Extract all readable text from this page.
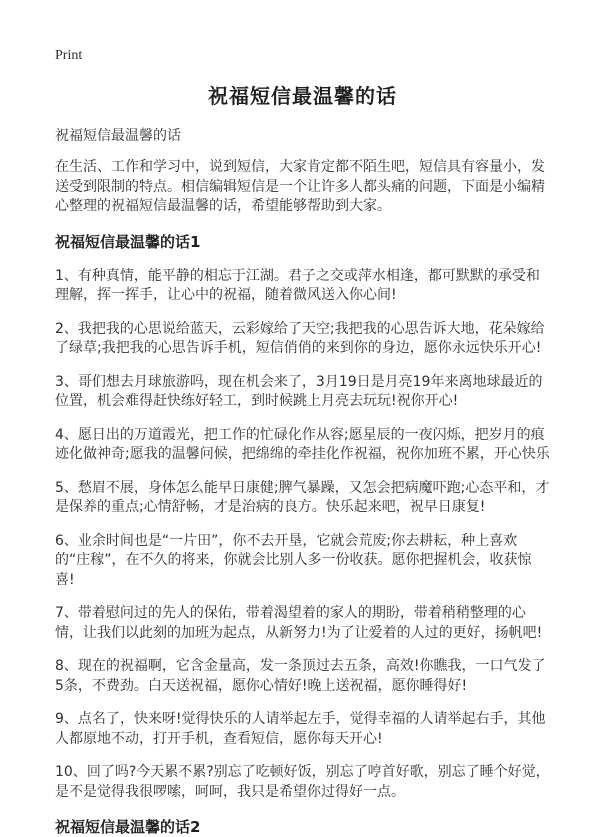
Print
祝福短信最温馨的话

祝福短信最温馨的话

在生活、工作和学习中，说到短信，大家肯定都不陌生吧，短信具有容量小，发送受到限制的特点。相信编辑短信是一个让许多人都头痛的问题，下面是小编精心整理的祝福短信最温馨的话，希望能够帮助到大家。

祝福短信最温馨的话1

1、有种真情，能平静的相忘于江湖。君子之交或萍水相逢，都可默默的承受和理解，挥一挥手，让心中的祝福，随着微风送入你心间!

2、我把我的心思说给蓝天，云彩嫁给了天空;我把我的心思告诉大地，花朵嫁给了绿草;我把我的心思告诉手机，短信俏俏的来到你的身边，愿你永远快乐开心!

3、哥们想去月球旅游吗，现在机会来了，3月19日是月亮19年来离地球最近的位置，机会难得赶快练好轻工，到时候跳上月亮去玩玩!祝你开心!

4、愿日出的万道霞光，把工作的忙碌化作从容;愿星辰的一夜闪烁，把岁月的痕迹化做神奇;愿我的温馨问候，把绵绵的牵挂化作祝福，祝你加班不累，开心快乐

5、愁眉不展，身体怎么能早日康健;脾气暴躁，又怎会把病魔吓跑;心态平和，才是保养的重点;心情舒畅，才是治病的良方。快乐起来吧，祝早日康复!

6、业余时间也是“一片田”，你不去开垦，它就会荒废;你去耕耘，种上喜欢的“庄稼”，在不久的将来，你就会比别人多一份收获。愿你把握机会，收获惊喜!

7、带着慰问过的先人的保佑，带着渴望着的家人的期盼，带着稍稍整理的心情，让我们以此刻的加班为起点，从新努力!为了让爱着的人过的更好，扬帆吧!

8、现在的祝福啊，它含金量高，发一条顶过去五条，高效!你瞧我，一口气发了5条，不费劲。白天送祝福，愿你心情好!晚上送祝福，愿你睡得好!

9、点名了，快来呀!觉得快乐的人请举起左手，觉得幸福的人请举起右手，其他人都原地不动，打开手机，查看短信，愿你每天开心!

10、回了吗?今天累不累?别忘了吃顿好饭，别忘了哼首好歌，别忘了睡个好觉，是不是觉得我很啰嗦，呵呵，我只是希望你过得好一点。

祝福短信最温馨的话2
